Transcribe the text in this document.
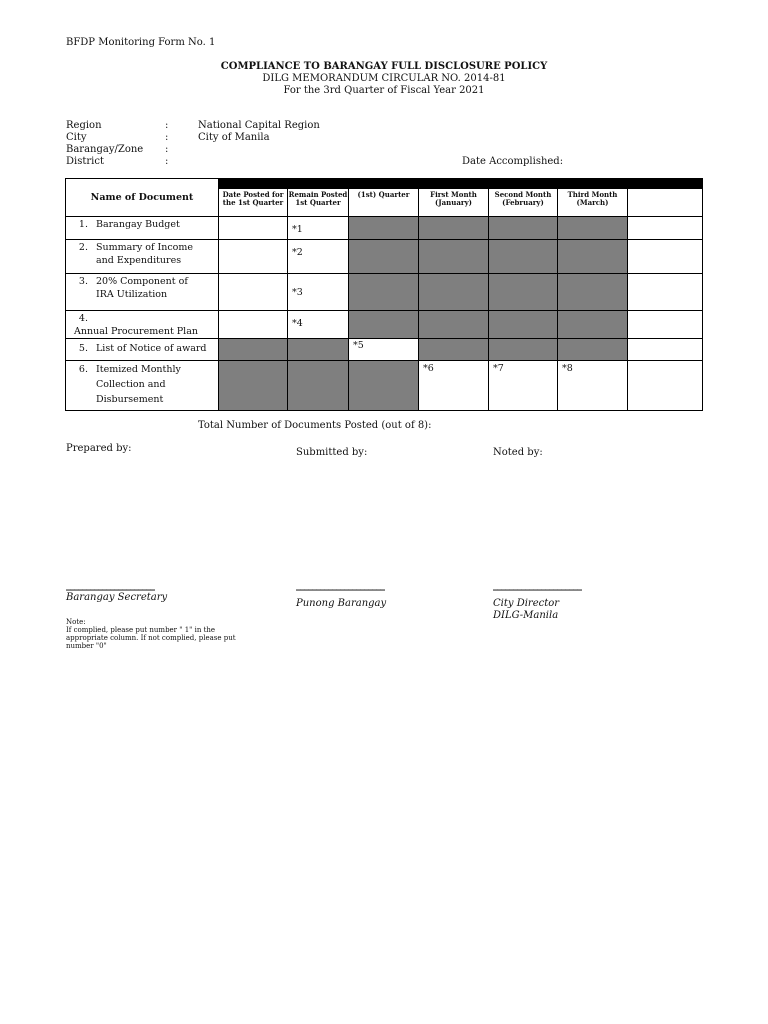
BFDP Monitoring Form No. 1
COMPLIANCE TO BARANGAY FULL DISCLOSURE POLICY
DILG MEMORANDUM CIRCULAR NO. 2014-81
For the 3rd Quarter of Fiscal Year 2021
Region	:	National Capital Region
City	:	City of Manila
Barangay/Zone :
District	:	Date Accomplished:
Name of Document							
	Date Posted for the 1st Quarter	Remain Posted 1st Quarter	(1st) Quarter	First Month (January)	Second Month (February)	Third Month (March)	
1. Barangay Budget		*1					
2. Summary of Income
and Expenditures		*2					
3. 20% Component of
IRA Utilization		*3					
4.Annual Procurement Plan		*4					
5. List of Notice of award			*5				
6. Itemized Monthly
Collection and
Disbursement				*6	*7	*8	
Total Number of Documents Posted (out of 8):
Prepared by:	Submitted by:	Noted by:
______________________	______________________	______________________
Barangay Secretary
Punong Barangay	City Director
DILG-Manila
Note:
If complied, please put number " 1" in the appropriate column. If not complied, please put number "0"
